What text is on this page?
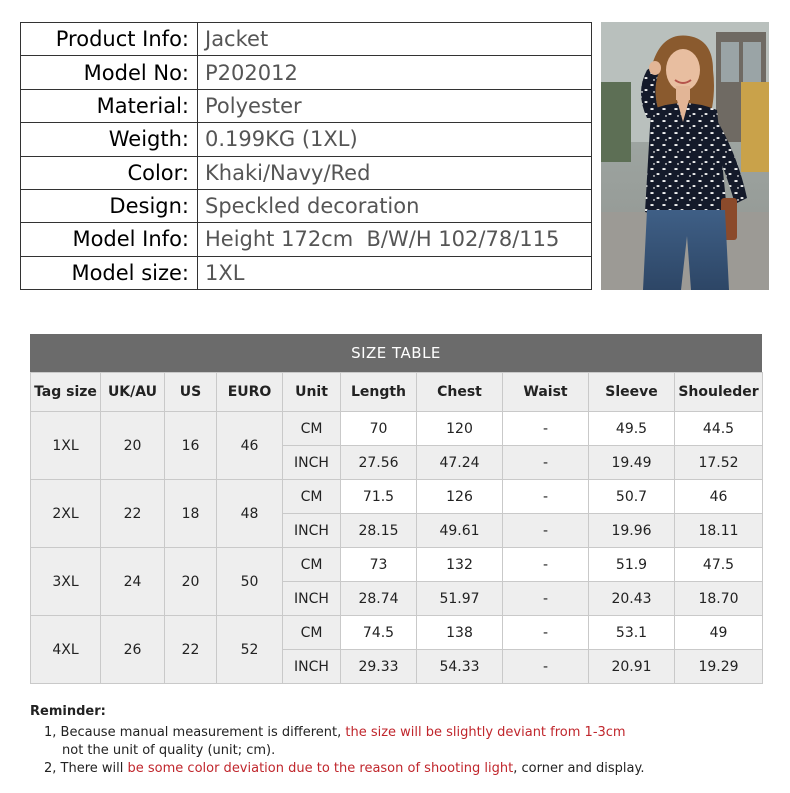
Product Info:	Jacket
Model No:	P202012
Material:	Polyester
Weigth:	0.199KG (1XL)
Color:	Khaki/Navy/Red
Design:	Speckled decoration
Model Info:	Height 172cm  B/W/H 102/78/115
Model size:	1XL
SIZE TABLE
Tag size	UK/AU	US	EURO	Unit	Length	Chest	Waist	Sleeve	Shouleder
1XL	20	16	46	CM	70	120	-	49.5	44.5
				INCH	27.56	47.24	-	19.49	17.52
2XL	22	18	48	CM	71.5	126	-	50.7	46
				INCH	28.15	49.61	-	19.96	18.11
3XL	24	20	50	CM	73	132	-	51.9	47.5
				INCH	28.74	51.97	-	20.43	18.70
4XL	26	22	52	CM	74.5	138	-	53.1	49
				INCH	29.33	54.33	-	20.91	19.29
Reminder:
1, Because manual measurement is different, the size will be slightly deviant from 1-3cm
not the unit of quality (unit; cm).
2, There will be some color deviation due to the reason of shooting light, corner and display.
